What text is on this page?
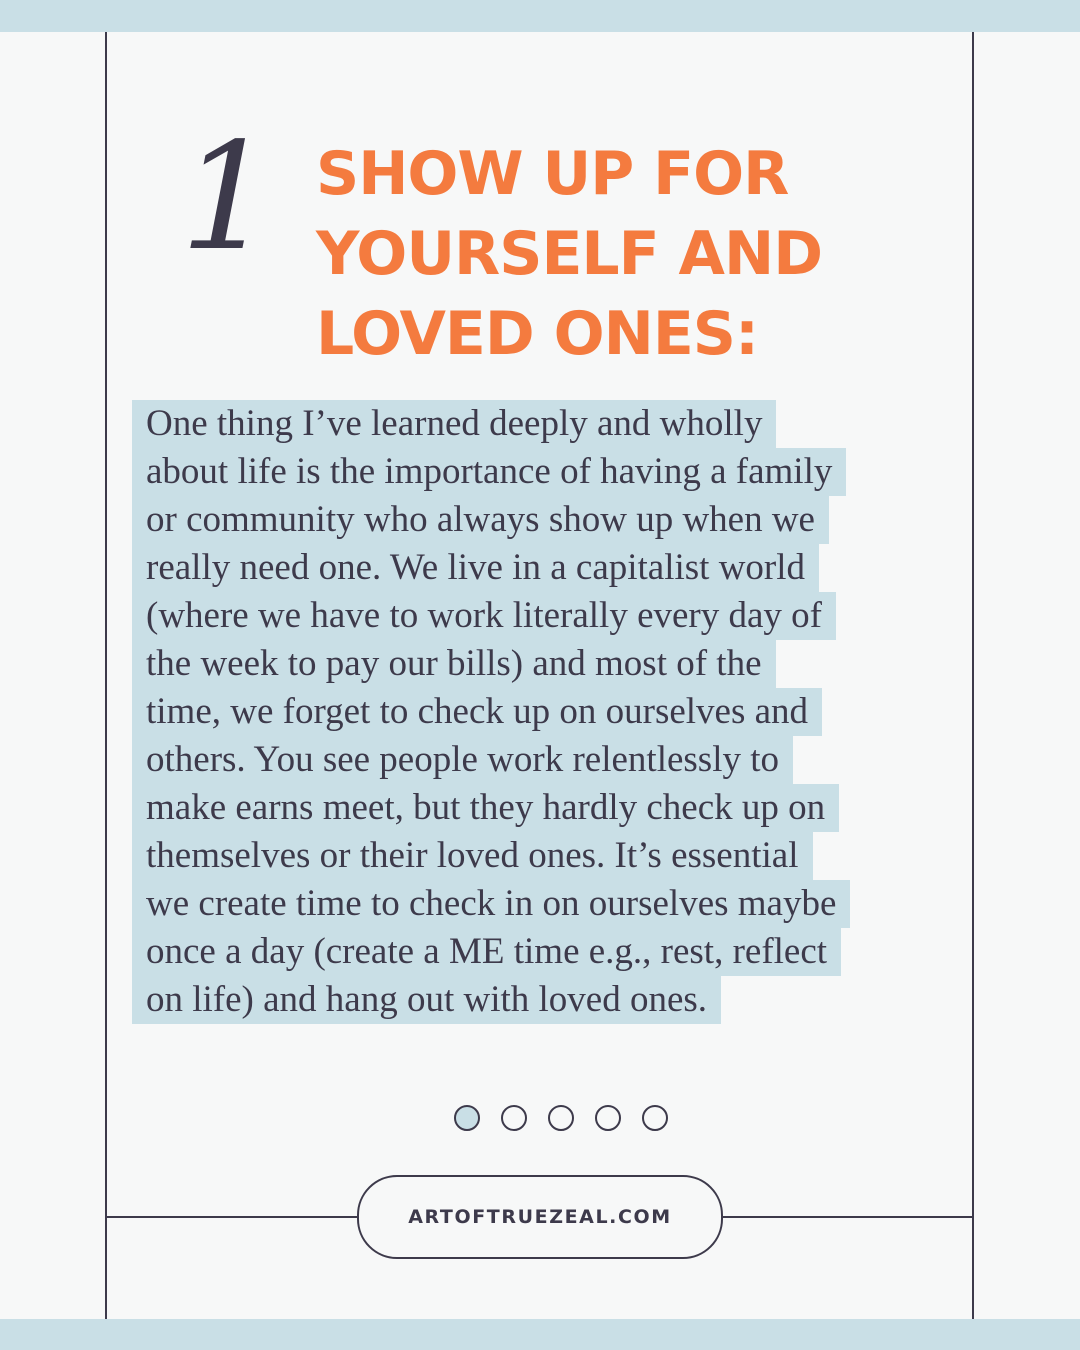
1 SHOW UP FOR
YOURSELF AND
LOVED ONES:
One thing I’ve learned deeply and wholly
about life is the importance of having a family
or community who always show up when we
really need one. We live in a capitalist world
(where we have to work literally every day of
the week to pay our bills) and most of the
time, we forget to check up on ourselves and
others. You see people work relentlessly to
make earns meet, but they hardly check up on
themselves or their loved ones. It’s essential
we create time to check in on ourselves maybe
once a day (create a ME time e.g., rest, reflect
on life) and hang out with loved ones.
ARTOFTRUEZEAL.COM
